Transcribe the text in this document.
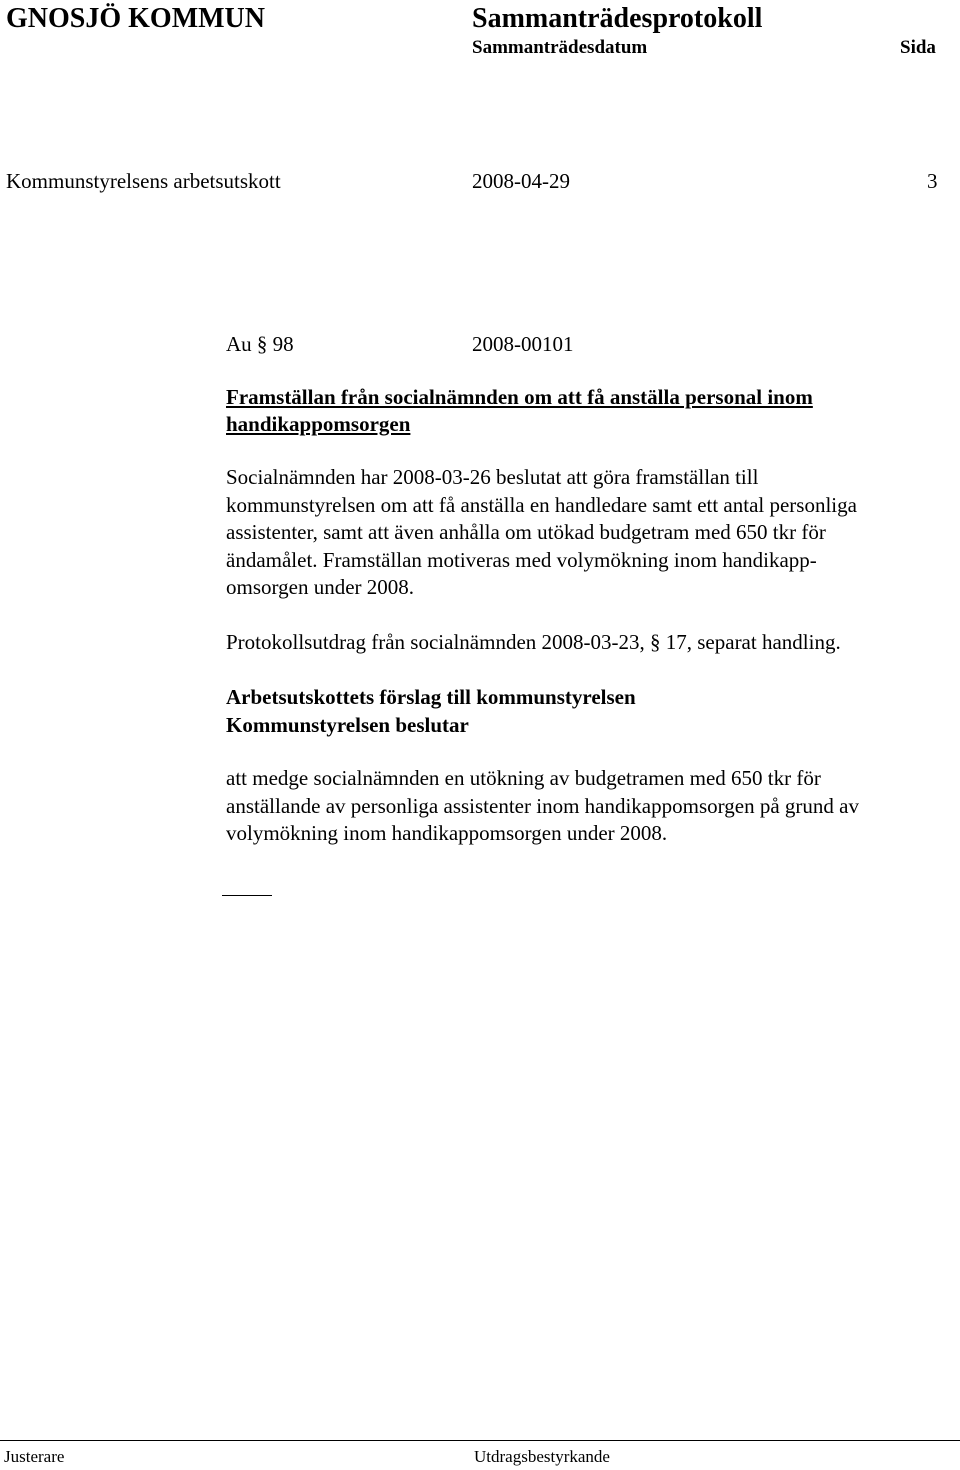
GNOSJÖ KOMMUN	Sammanträdesprotokoll
Sammanträdesdatum	Sida
Kommunstyrelsens arbetsutskott	2008-04-29	3
Au § 98	2008-00101
Framställan från socialnämnden om att få anställa personal inom
handikappomsorgen
Socialnämnden har 2008-03-26 beslutat att göra framställan till
kommunstyrelsen om att få anställa en handledare samt ett antal personliga
assistenter, samt att även anhålla om utökad budgetram med 650 tkr för
ändamålet. Framställan motiveras med volymökning inom handikapp-
omsorgen under 2008.
Protokollsutdrag från socialnämnden 2008-03-23, § 17, separat handling.
Arbetsutskottets förslag till kommunstyrelsen
Kommunstyrelsen beslutar
att medge socialnämnden en utökning av budgetramen med 650 tkr för
anställande av personliga assistenter inom handikappomsorgen på grund av
volymökning inom handikappomsorgen under 2008.
Justerare	Utdragsbestyrkande
